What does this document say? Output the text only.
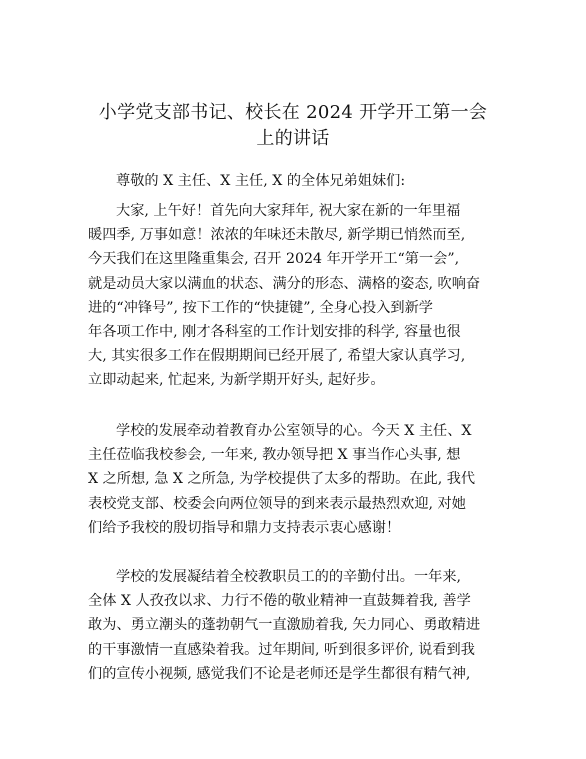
小学党支部书记、校长在 2024 开学开工第一会
上的讲话
尊敬的 X 主任、X 主任, X 的全体兄弟姐妹们:
大家, 上午好！首先向大家拜年, 祝大家在新的一年里福
暖四季, 万事如意！浓浓的年味还未散尽, 新学期已悄然而至,
今天我们在这里隆重集会, 召开 2024 年开学开工“第一会”,
就是动员大家以满血的状态、满分的形态、满格的姿态, 吹响奋
进的“冲锋号”, 按下工作的“快捷键”, 全身心投入到新学
年各项工作中, 刚才各科室的工作计划安排的科学, 容量也很
大, 其实很多工作在假期期间已经开展了, 希望大家认真学习,
立即动起来, 忙起来, 为新学期开好头, 起好步。
学校的发展牵动着教育办公室领导的心。今天 X 主任、X
主任莅临我校参会, 一年来, 教办领导把 X 事当作心头事, 想
X 之所想, 急 X 之所急, 为学校提供了太多的帮助。在此, 我代
表校党支部、校委会向两位领导的到来表示最热烈欢迎, 对她
们给予我校的殷切指导和鼎力支持表示衷心感谢！
学校的发展凝结着全校教职员工的的辛勤付出。一年来,
全体 X 人孜孜以求、力行不倦的敬业精神一直鼓舞着我, 善学
敢为、勇立潮头的蓬勃朝气一直激励着我, 矢力同心、勇敢精进
的干事激情一直感染着我。过年期间, 听到很多评价, 说看到我
们的宣传小视频, 感觉我们不论是老师还是学生都很有精气神,
